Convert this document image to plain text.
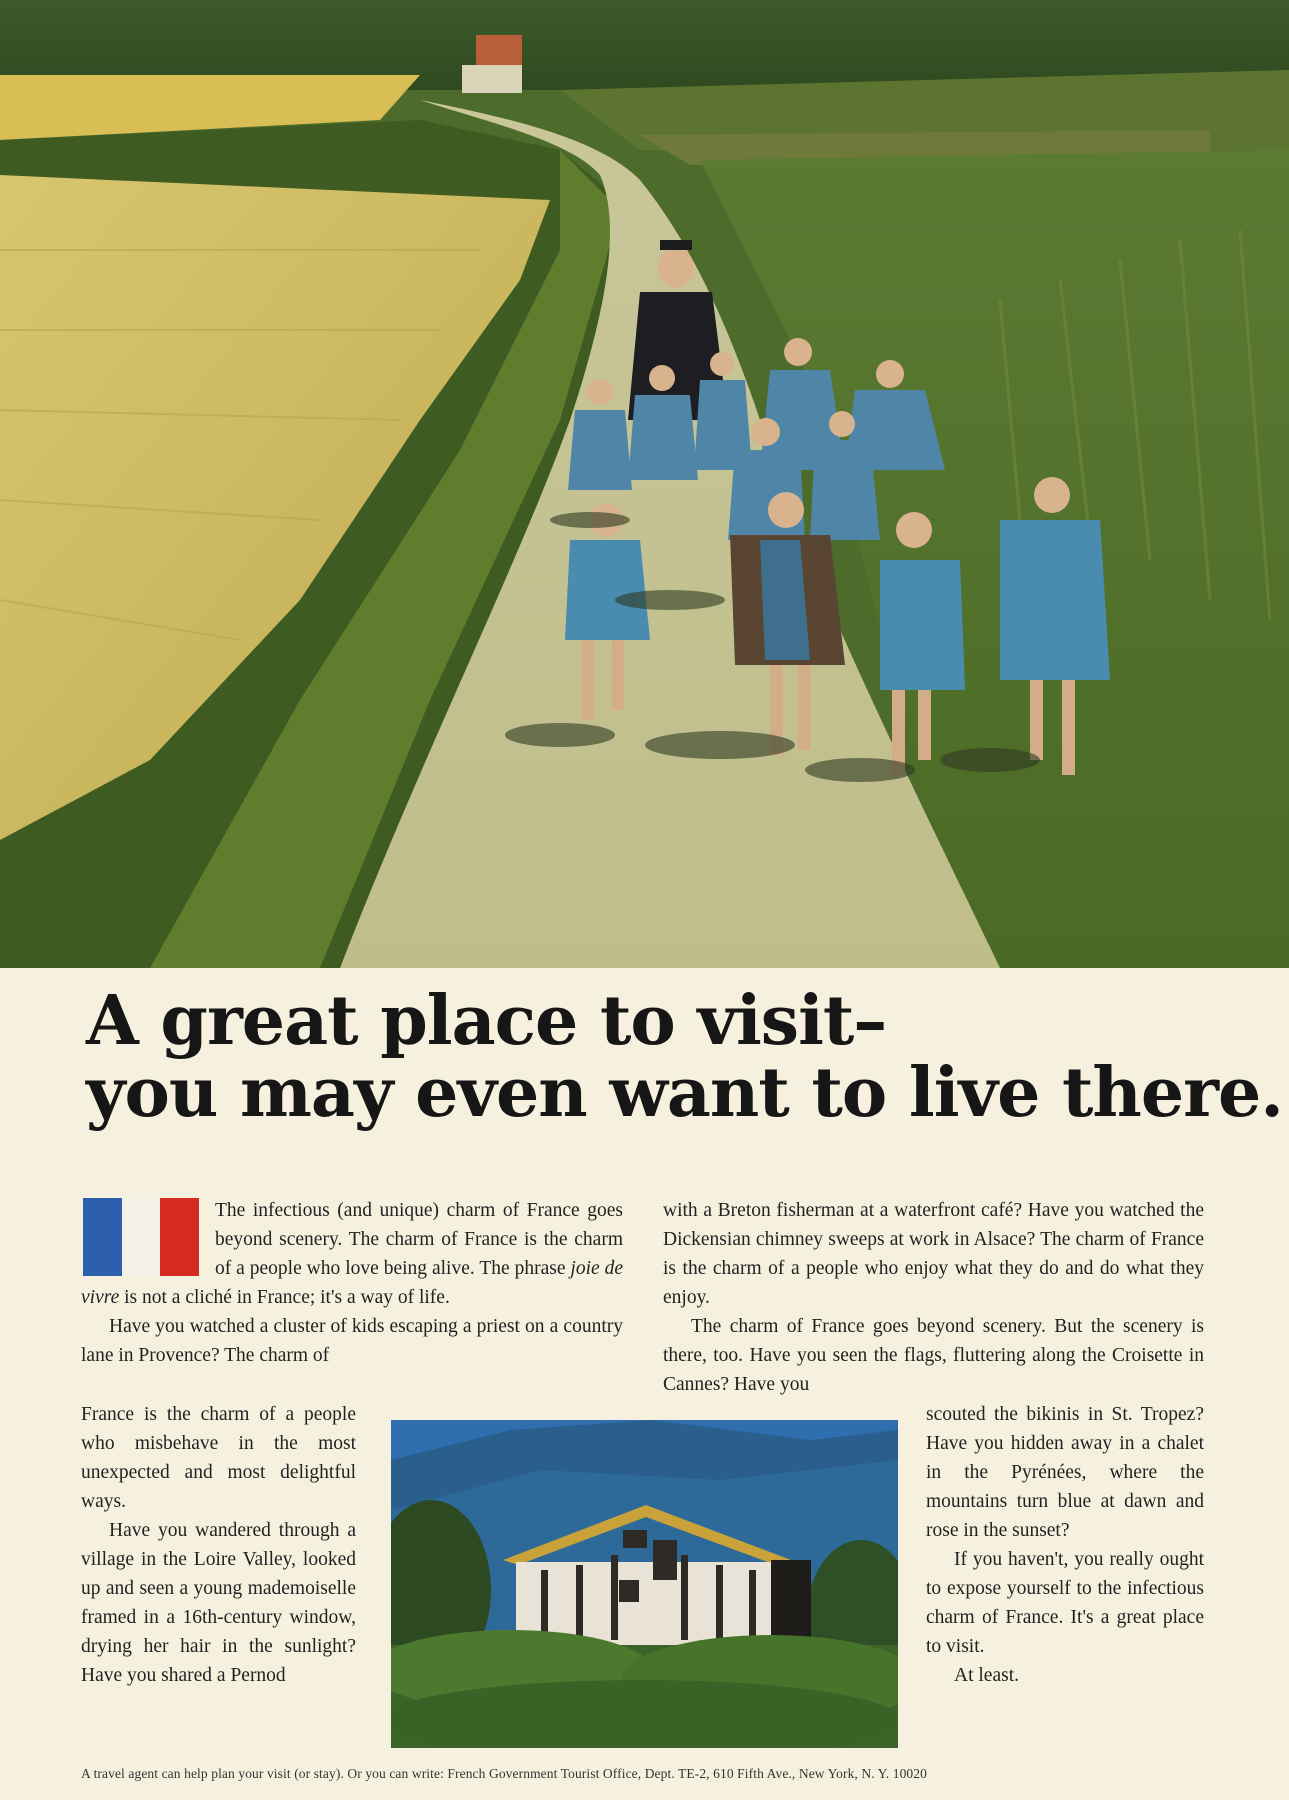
A great place to visit–
you may even want to live there.

The infectious (and unique) charm of France goes beyond scenery. The charm of France is the charm of a people who love being alive. The phrase joie de vivre is not a cliché in France; it's a way of life.

Have you watched a cluster of kids escaping a priest on a country lane in Provence? The charm of

France is the charm of a people who misbehave in the most unexpected and most delightful ways.

Have you wandered through a village in the Loire Valley, looked up and seen a young mademoiselle framed in a 16th-century window, drying her hair in the sunlight? Have you shared a Pernod

with a Breton fisherman at a waterfront café? Have you watched the Dickensian chimney sweeps at work in Alsace? The charm of France is the charm of a people who enjoy what they do and do what they enjoy.

The charm of France goes beyond scenery. But the scenery is there, too. Have you seen the flags, fluttering along the Croisette in Cannes? Have you

scouted the bikinis in St. Tropez? Have you hidden away in a chalet in the Pyrénées, where the mountains turn blue at dawn and rose in the sunset?

If you haven't, you really ought to expose yourself to the infectious charm of France. It's a great place to visit.

At least.

A travel agent can help plan your visit (or stay). Or you can write: French Government Tourist Office, Dept. TE-2, 610 Fifth Ave., New York, N. Y. 10020
